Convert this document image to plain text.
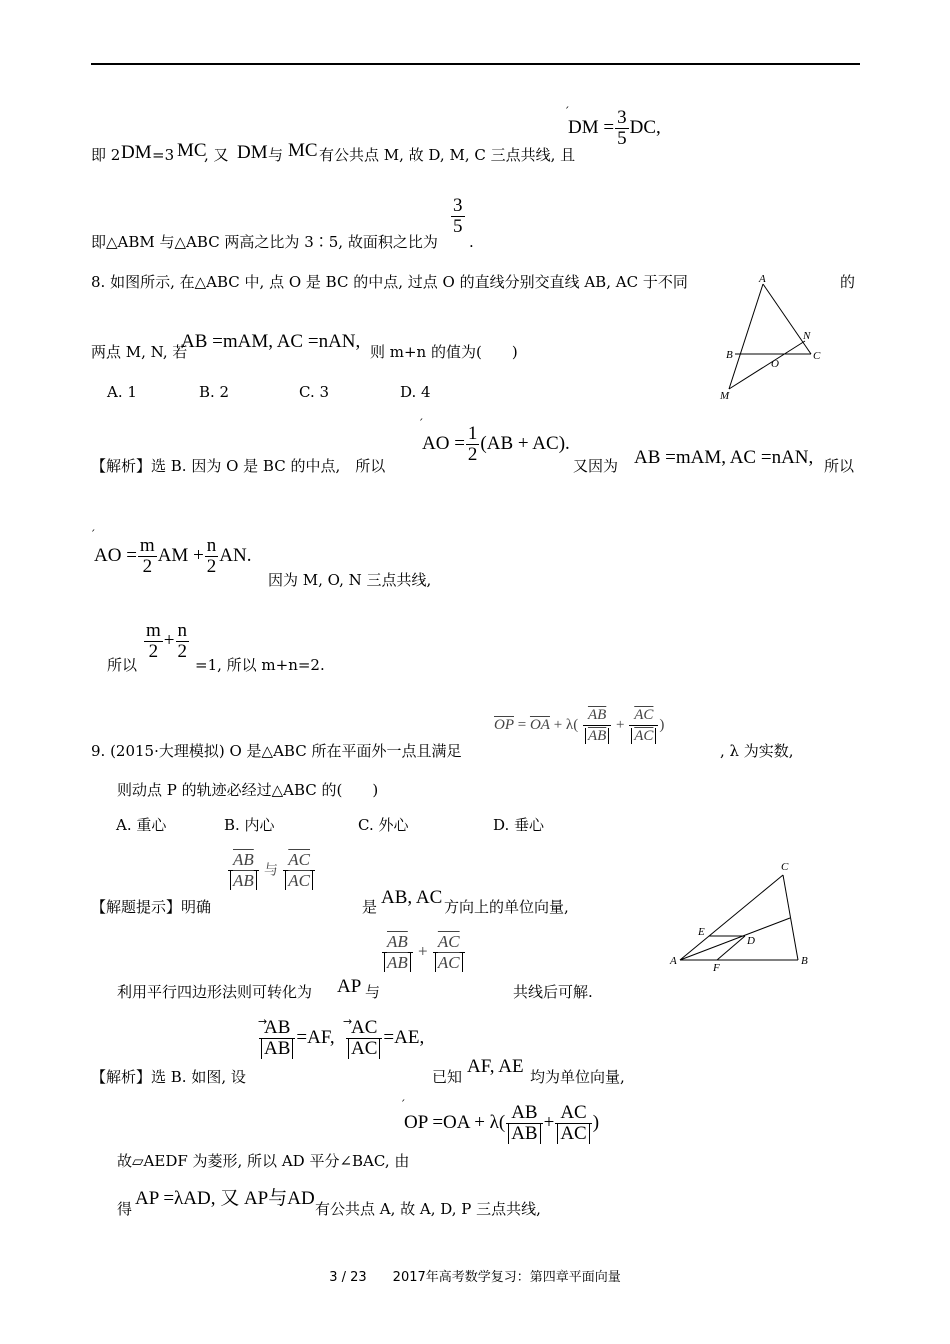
即 2 DM =3 MC
, 又 DM 与 MC 有公共点 M, 故 D, M, C 三点共线, 且
´
DM = $\frac{3}{5}$ DC,
即△ABM 与△ABC 两高之比为 3∶5, 故面积之比为
$\frac{3}{5}$
.
8. 如图所示, 在△ABC 中, 点 O 是 BC 的中点, 过点 O 的直线分别交直线 AB, AC 于不同	的
两点 M, N, 若
AB =mAM, AC =nAN, 则 m+n 的值为(　　)
A. 1	B. 2	C. 3	D. 4
A
B	C
O
N
M
【解析】选 B. 因为 O 是 BC 的中点,　所以
´
AO = $\frac{1}{2} (AB + AC)$.
又因为 AB =mAM, AC =nAN, 所以
´
AO = $\frac{m}{2}$ AM + $\frac{n}{2}$ AN.
因为 M, O, N 三点共线,
所以
$\frac{m}{2} + \frac{n}{2}$
=1, 所以 m+n=2.
9. (2015·大理模拟) O 是△ABC 所在平面外一点且满足
$\overline{OP} = \overline{OA} + \lambda( \frac{\overline{AB}}{AB} + \frac{\overline{AC}}{AC}$ )
, λ 为实数,
则动点 P 的轨迹必经过△ABC 的(　　)
A. 重心	B. 内心	C. 外心	D. 垂心
A	B
C
D
E
F
【解题提示】明确
$\frac{\overline{AB}}{AB}$ 与 $\frac{\overline{AC}}{AC}$
是 AB, AC 方向上的单位向量,
$\frac{\overline{AB}}{AB} + \frac{\overline{AC}}{AC}$
利用平行四边形法则可转化为 AP 与	共线后可解.
【解析】选 B. 如图, 设
→
$\frac{AB}{AB} =AF$,
→
$\frac{AC}{AC} =AE$,
已知 AF, AE 均为单位向量,
´
OP $=OA + \lambda( \frac{AB}{AB} + \frac{AC}{AC}$ )
故▱AEDF 为菱形, 所以 AD 平分∠BAC, 由
得 AP =λAD, 又 AP与AD 有公共点 A, 故 A, D, P 三点共线,
3 / 23　　2017年高考数学复习：第四章平面向量
